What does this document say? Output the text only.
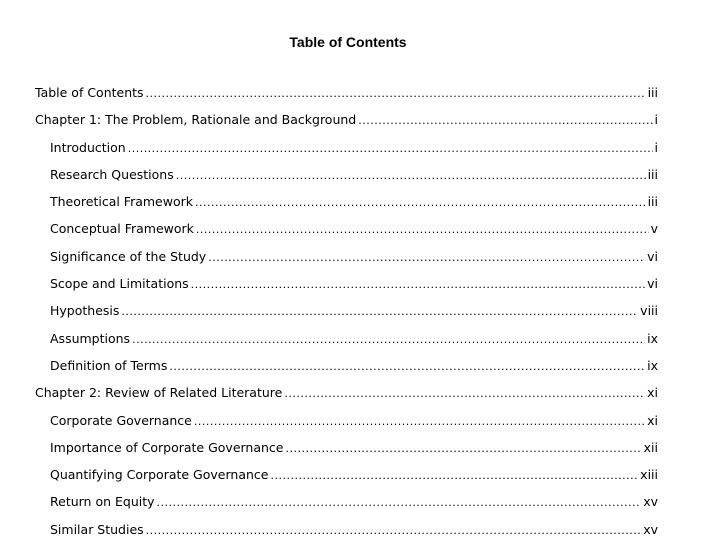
Table of Contents
Table of Contents .....	iii
Chapter 1: The Problem, Rationale and Background .....	i
Introduction .....	i
Research Questions .....	iii
Theoretical Framework .....	iii
Conceptual Framework .....	v
Significance of the Study .....	vi
Scope and Limitations .....	vi
Hypothesis .....	viii
Assumptions .....	ix
Definition of Terms .....	ix
Chapter 2: Review of Related Literature .....	xi
Corporate Governance .....	xi
Importance of Corporate Governance .....	xii
Quantifying Corporate Governance .....	xiii
Return on Equity .....	xv
Similar Studies .....	xv
